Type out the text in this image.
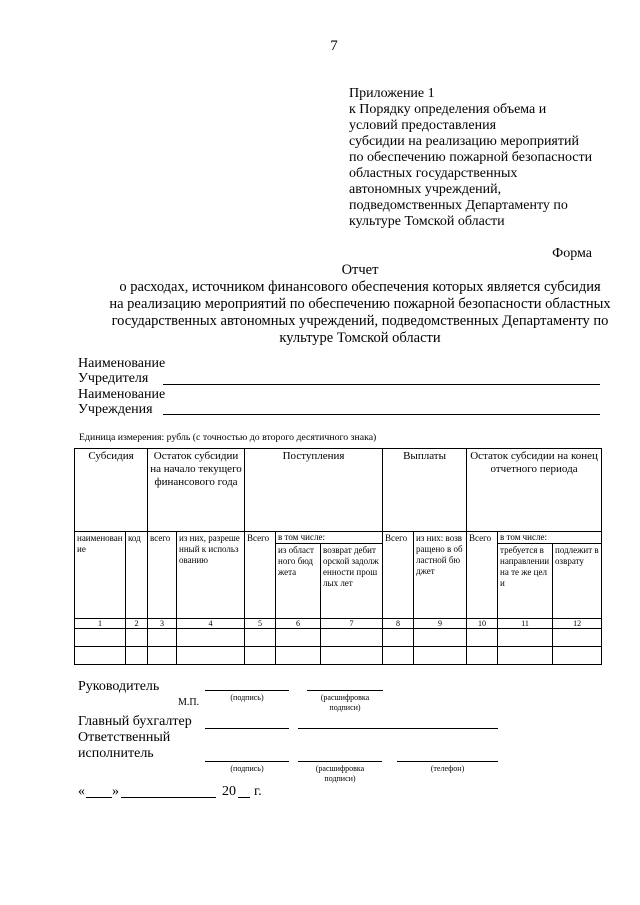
7
Приложение 1
к Порядку определения объема и
условий предоставления
субсидии на реализацию мероприятий
по обеспечению пожарной безопасности
областных государственных
автономных учреждений,
подведомственных Департаменту по
культуре Томской области
Форма
Отчет
о расходах, источником финансового обеспечения которых является субсидия
на реализацию мероприятий по обеспечению пожарной безопасности областных
государственных автономных учреждений, подведомственных Департаменту по
культуре Томской области
Наименование
Учредителя
Наименование
Учреждения
Единица измерения: рубль (с точностью до второго десятичного знака)
Субсидия		Остаток субсидии на начало текущего финансового года		Поступления			Выплаты		Остаток субсидии на конец отчетного периода		
наименование	код	всего	из них, разрешенный к использованию	Всего	в том числе:		Всего	из них: возвращено в областной бюджет	Всего	в том числе:	
					из областного бюджета	возврат дебиторской задолженности прошлых лет				требуется в направлении на те же цели	подлежит возврату
1	2	3	4	5	6	7	8	9	10	11	12

Руководитель
М.П.	(подпись)	(расшифровка
подписи)
Главный бухгалтер
Ответственный
исполнитель
(подпись)	(расшифровка
подписи)
(телефон)
« »	20 г.
